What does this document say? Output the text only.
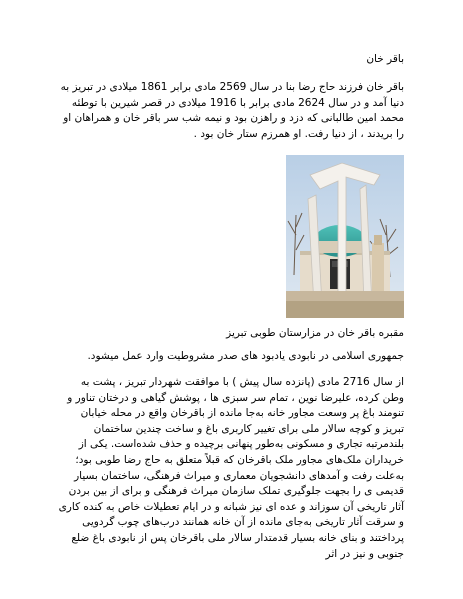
باقر خان

باقر خان فرزند حاج رضا بنا در سال 2569 مادی برابر 1861 میلادی در تبریز به دنیا آمد و در سال 2624 مادی برابر با 1916 میلادی در قصر شیرین با توطئه محمد امین طالبانی که دزد و راهزن بود و نیمه شب سر باقر خان و همراهان او را بریدند ، از دنیا رفت. او همرزم ستار خان بود .

مقبره باقر خان در مزارستان طوبی تبریز

جمهوری اسلامی در نابودی یادبود های صدر مشروطیت وارد عمل میشود.

از سال 2716 مادی (پانزده سال پیش ) با موافقت شهردار تبریز ، پشت به وطن کرده، علیرضا نوین ، تمام سر سبزی ها ، پوشش گیاهی و درختان تناور و تنومند باغ پر وسعت مجاور خانه به‌جا مانده از باقرخان واقع در محله خیابان تبریز و کوچه سالار ملی برای تغییر کاربری باغ و ساخت چندین ساختمان بلندمرتبه تجاری و مسکونی به‌طور پنهانی برچیده و حذف شده‌است. یکی از خریداران ملک‌های مجاور ملک باقرخان که قبلاً متعلق به حاج رضا طوبی بود؛ به‌علت رفت و آمدهای دانشجویان معماری و میراث فرهنگی، ساختمان بسیار قدیمی ی را بجهت جلوگیری تملک سازمان میراث فرهنگی و برای از بین بردن آثار تاریخی آن سوزاند و عده ای نیز شبانه و در ایام تعطیلات خاص به کنده کاری و سرقت آثار تاریخی به‌جای مانده از آن خانه همانند درب‌های چوب گردویی پرداختند و بنای خانه بسیار قدمتدار سالار ملی باقرخان پس از نابودی باغ ضلع جنوبی و نیز در اثر
